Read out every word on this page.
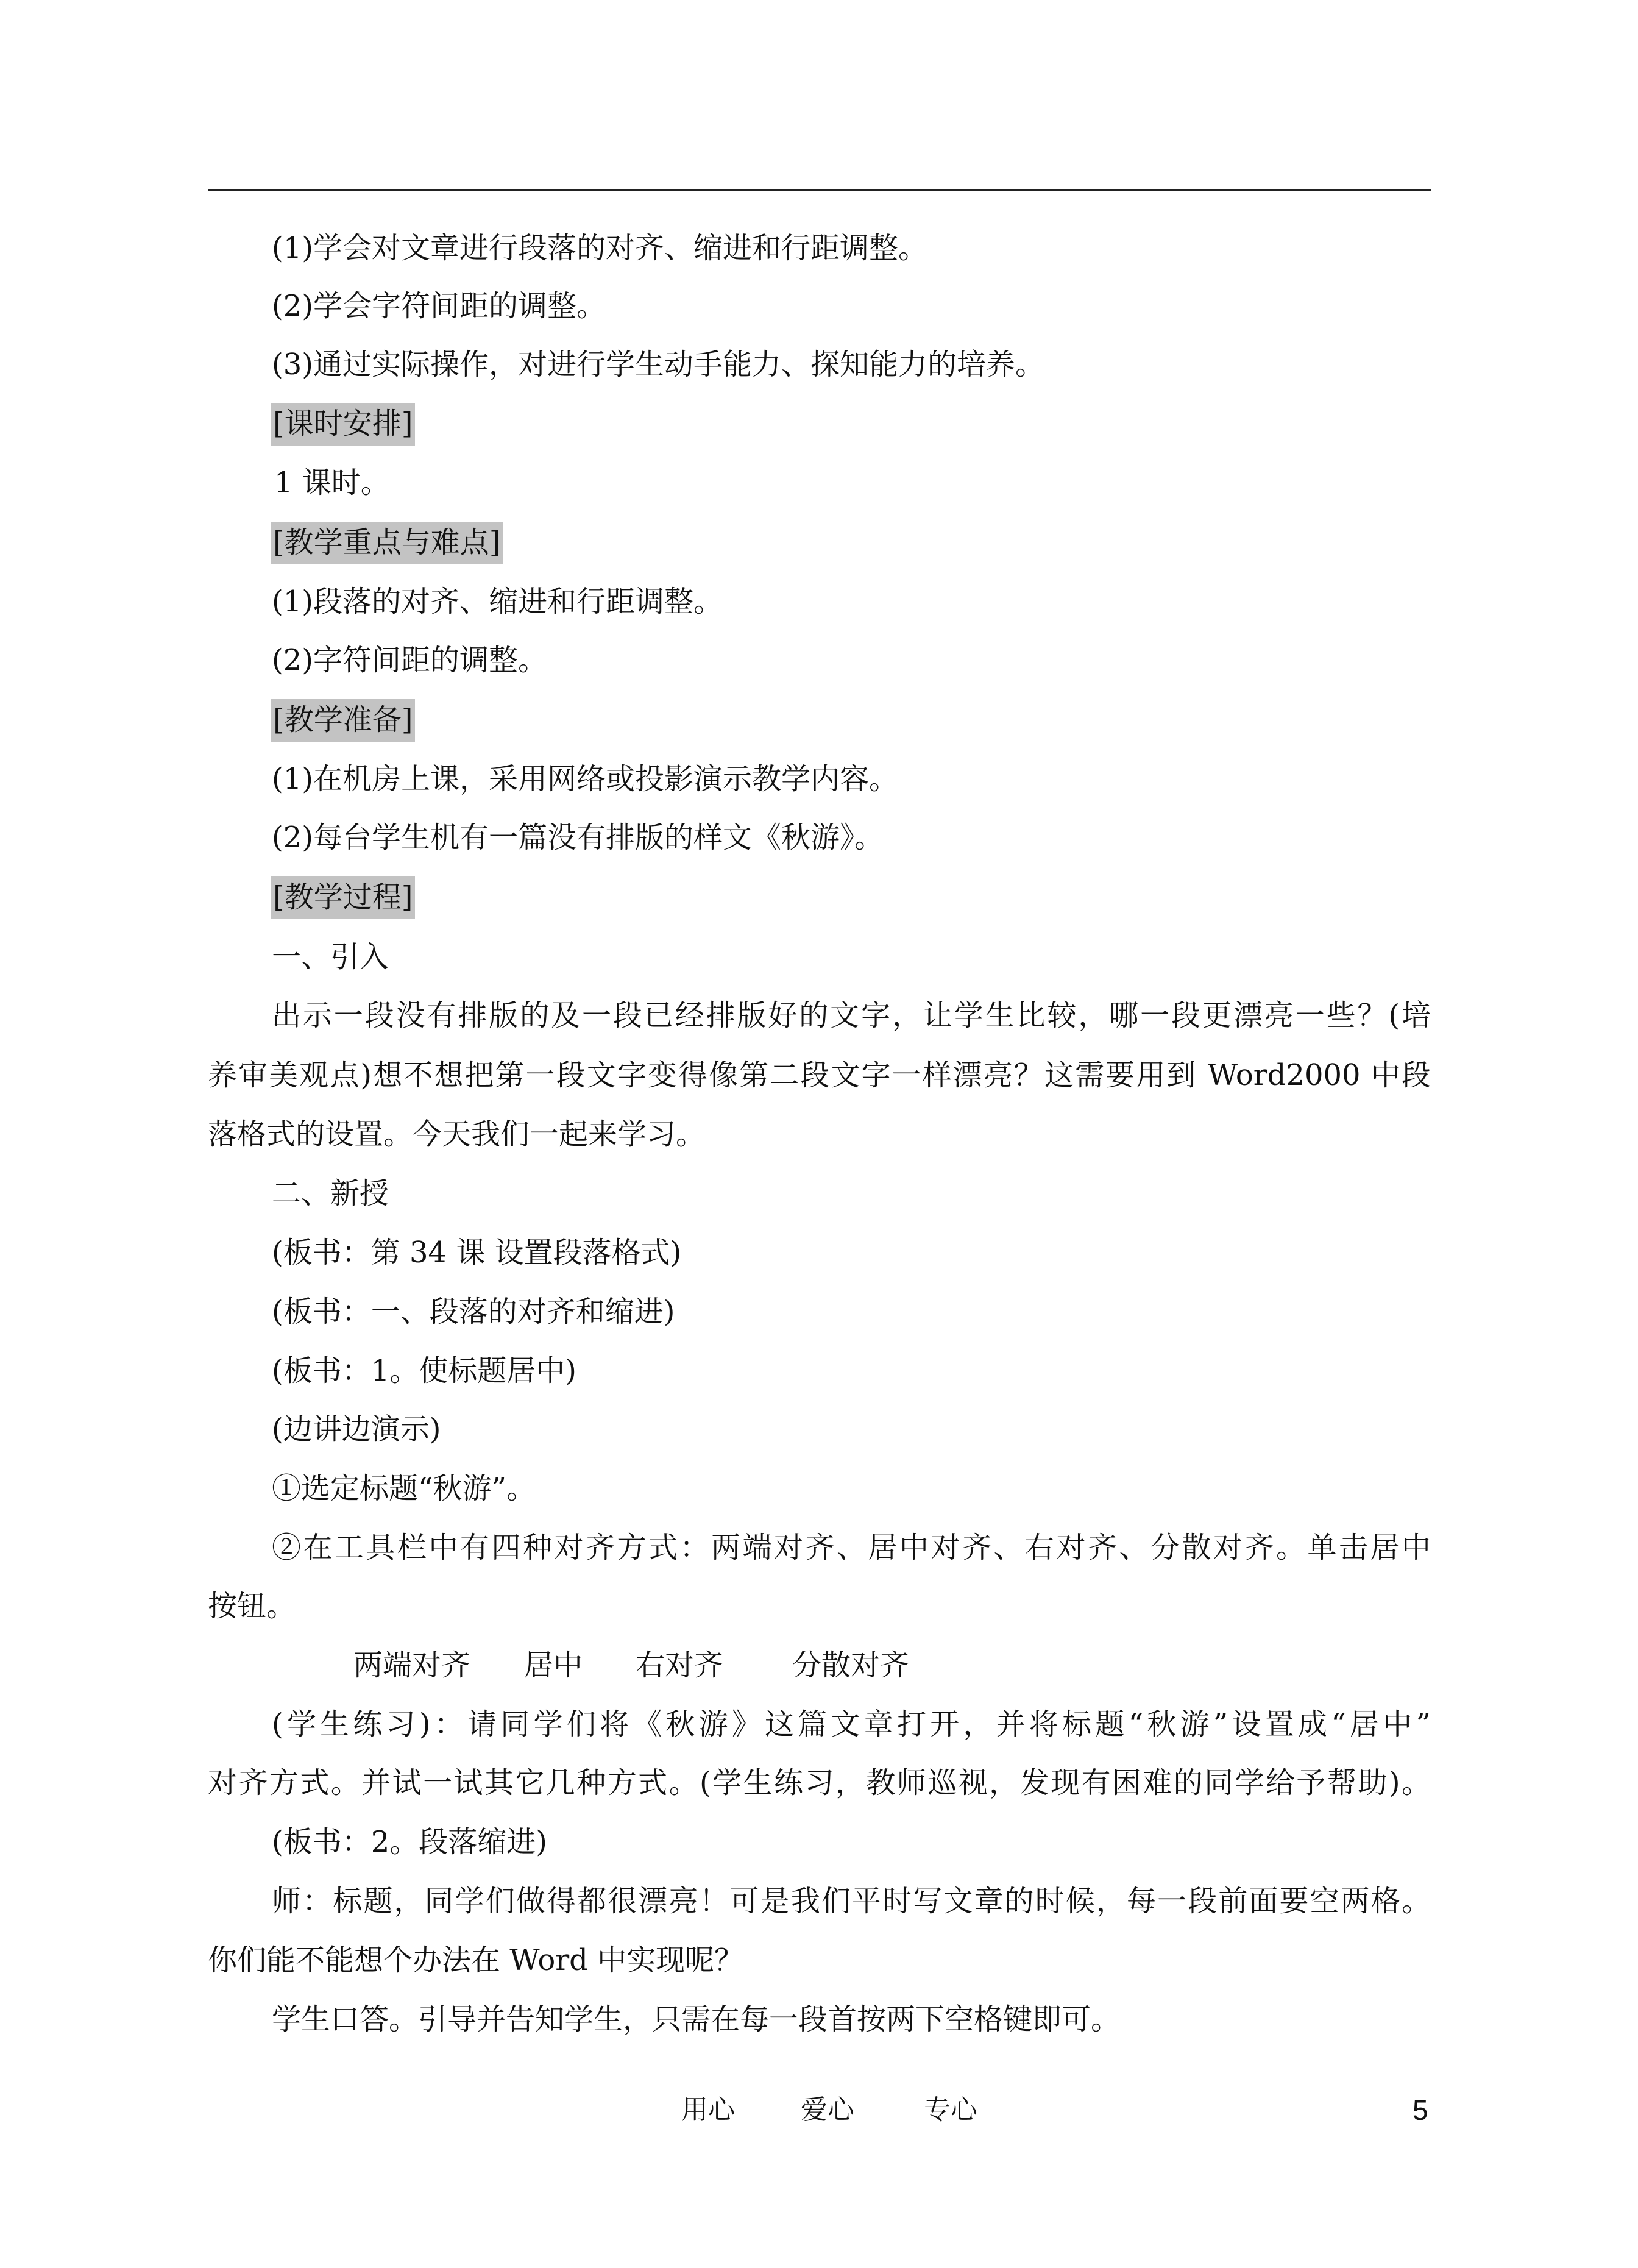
(1)学会对文章进行段落的对齐、缩进和行距调整。
(2)学会字符间距的调整。
(3)通过实际操作，对进行学生动手能力、探知能力的培养。
[课时安排]
1 课时。
[教学重点与难点]
(1)段落的对齐、缩进和行距调整。
(2)字符间距的调整。
[教学准备]
(1)在机房上课，采用网络或投影演示教学内容。
(2)每台学生机有一篇没有排版的样文《秋游》。
[教学过程]
一、引入
出示一段没有排版的及一段已经排版好的文字，让学生比较，哪一段更漂亮一些？(培
养审美观点)想不想把第一段文字变得像第二段文字一样漂亮？这需要用到 Word2000 中段
落格式的设置。今天我们一起来学习。
二、新授
(板书：第 34 课 设置段落格式)
(板书：一、段落的对齐和缩进)
(板书：1。使标题居中)
(边讲边演示)
①选定标题“秋游”。
②在工具栏中有四种对齐方式：两端对齐、居中对齐、右对齐、分散对齐。单击居中
按钮。
两端对齐 居中 右对齐 分散对齐
(学生练习)：请同学们将《秋游》这篇文章打开，并将标题“秋游”设置成“居中”
对齐方式。并试一试其它几种方式。(学生练习，教师巡视，发现有困难的同学给予帮助)。
(板书：2。段落缩进)
师：标题，同学们做得都很漂亮！可是我们平时写文章的时候，每一段前面要空两格。
你们能不能想个办法在 Word 中实现呢？
学生口答。引导并告知学生，只需在每一段首按两下空格键即可。
用心 爱心	专心	5
